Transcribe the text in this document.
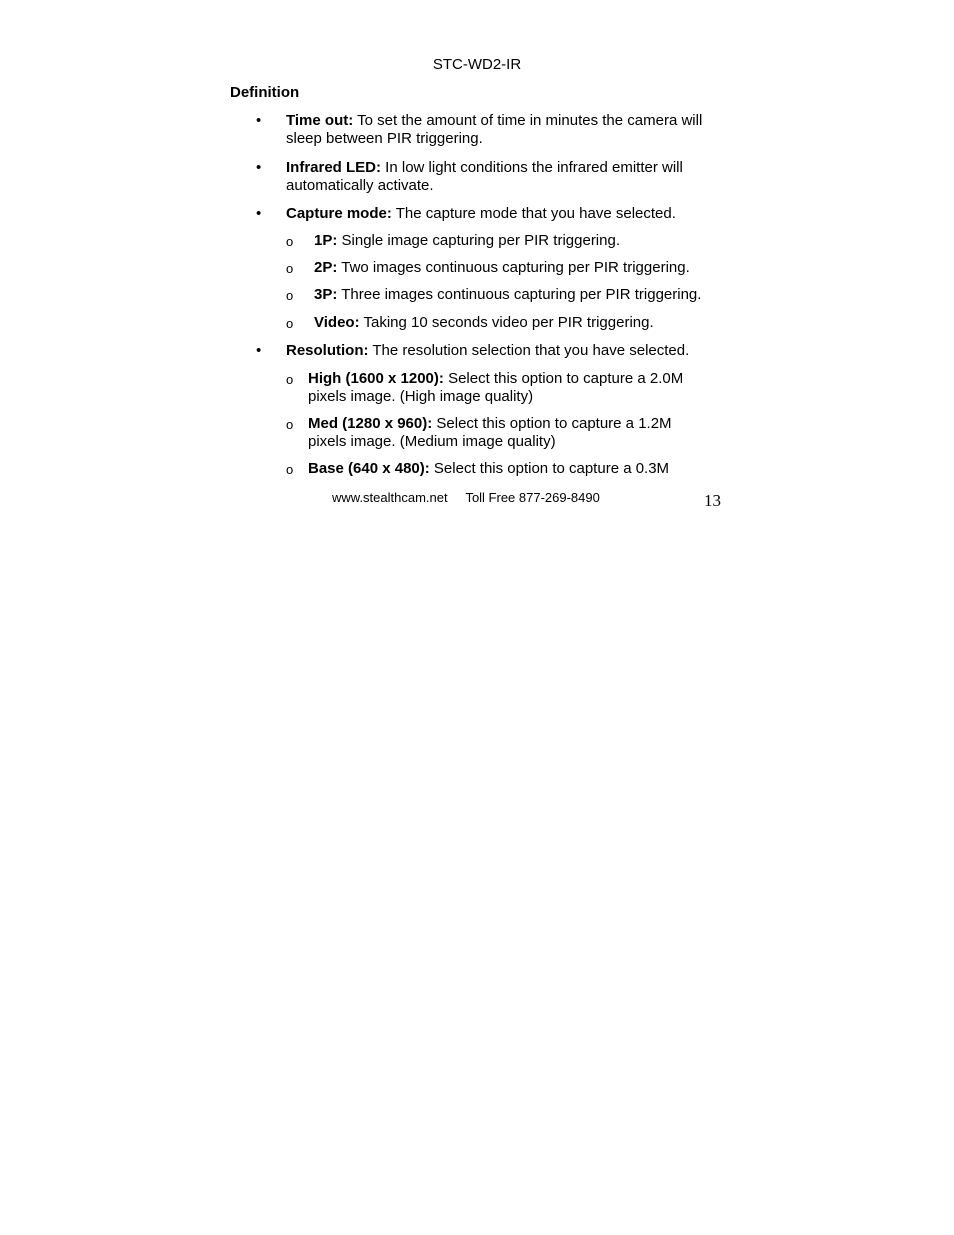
STC-WD2-IR
Definition
• Time out: To set the amount of time in minutes the camera will sleep between PIR triggering.
• Infrared LED: In low light conditions the infrared emitter will automatically activate.
• Capture mode: The capture mode that you have selected.
o 1P: Single image capturing per PIR triggering.
o 2P: Two images continuous capturing per PIR triggering.
o 3P: Three images continuous capturing per PIR triggering.
o Video: Taking 10 seconds video per PIR triggering.
• Resolution: The resolution selection that you have selected.
o High (1600 x 1200): Select this option to capture a 2.0M pixels image. (High image quality)
o Med (1280 x 960): Select this option to capture a 1.2M pixels image. (Medium image quality)
o Base (640 x 480): Select this option to capture a 0.3M
www.stealthcam.net Toll Free 877-269-8490	13
